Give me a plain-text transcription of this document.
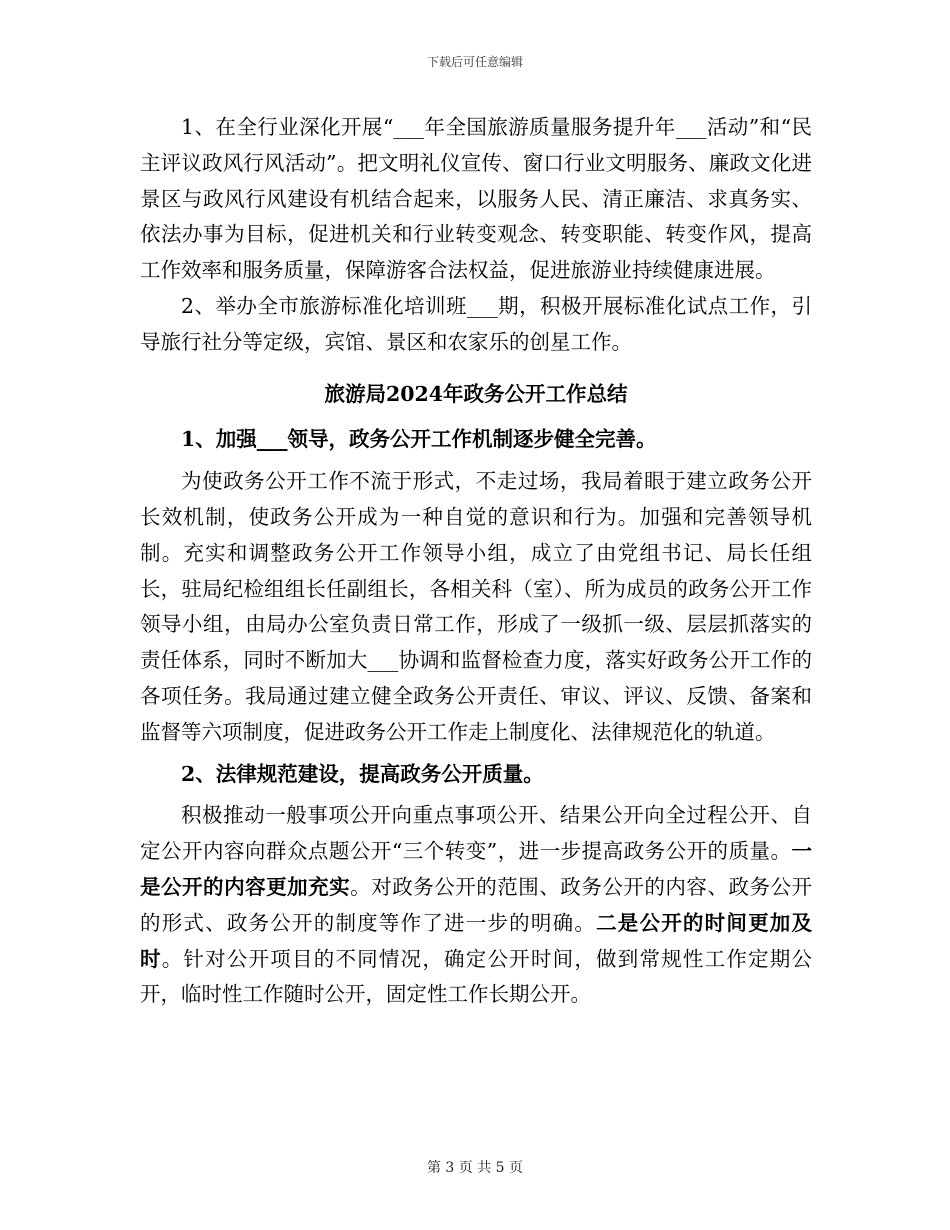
下载后可任意编辑

1、在全行业深化开展“___年全国旅游质量服务提升年___活动”和“民主评议政风行风活动”。把文明礼仪宣传、窗口行业文明服务、廉政文化进景区与政风行风建设有机结合起来，以服务人民、清正廉洁、求真务实、依法办事为目标，促进机关和行业转变观念、转变职能、转变作风，提高工作效率和服务质量，保障游客合法权益，促进旅游业持续健康进展。

2、举办全市旅游标准化培训班___期，积极开展标准化试点工作，引导旅行社分等定级，宾馆、景区和农家乐的创星工作。

旅游局2024年政务公开工作总结

1、加强___领导，政务公开工作机制逐步健全完善。

为使政务公开工作不流于形式，不走过场，我局着眼于建立政务公开长效机制，使政务公开成为一种自觉的意识和行为。加强和完善领导机制。充实和调整政务公开工作领导小组，成立了由党组书记、局长任组长，驻局纪检组组长任副组长，各相关科（室）、所为成员的政务公开工作领导小组，由局办公室负责日常工作，形成了一级抓一级、层层抓落实的责任体系，同时不断加大___协调和监督检查力度，落实好政务公开工作的各项任务。我局通过建立健全政务公开责任、审议、评议、反馈、备案和监督等六项制度，促进政务公开工作走上制度化、法律规范化的轨道。

2、法律规范建设，提高政务公开质量。

积极推动一般事项公开向重点事项公开、结果公开向全过程公开、自定公开内容向群众点题公开“三个转变”，进一步提高政务公开的质量。一是公开的内容更加充实。对政务公开的范围、政务公开的内容、政务公开的形式、政务公开的制度等作了进一步的明确。二是公开的时间更加及时。针对公开项目的不同情况，确定公开时间，做到常规性工作定期公开，临时性工作随时公开，固定性工作长期公开。

第 3 页 共 5 页
